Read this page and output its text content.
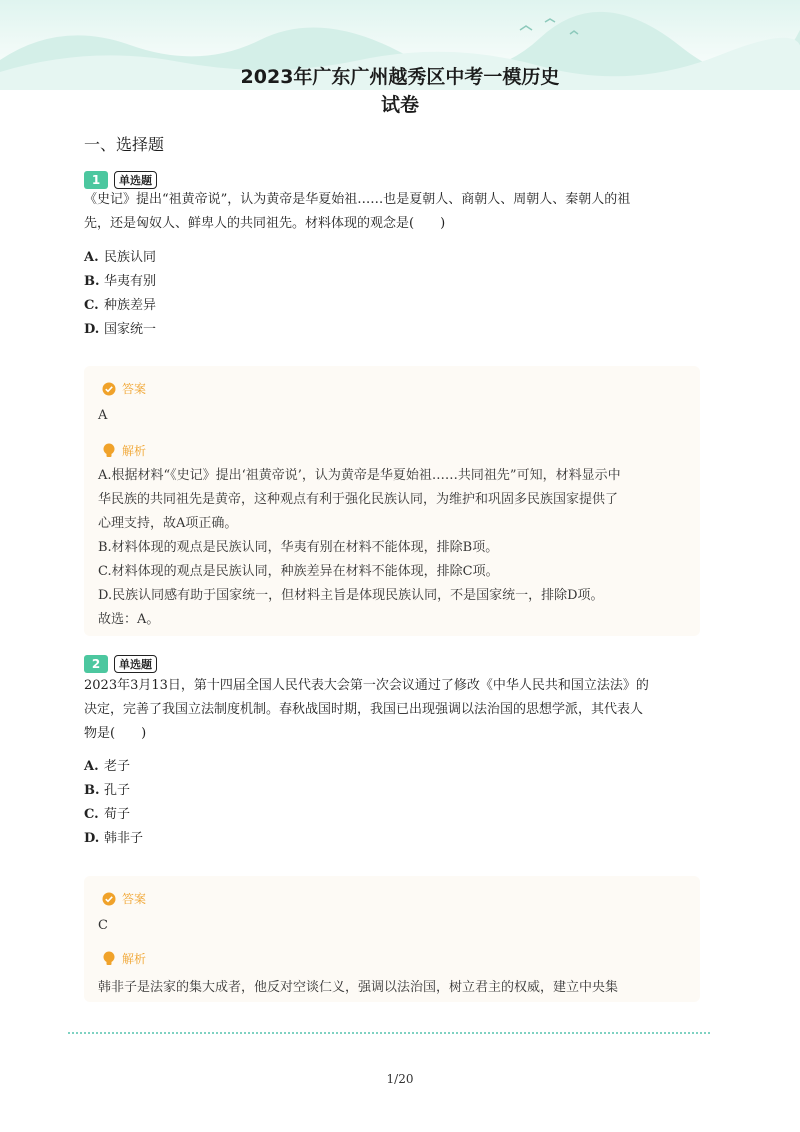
2023年广东广州越秀区中考一模历史
试卷
一、选择题
1	单选题
《史记》提出“祖黄帝说”，认为黄帝是华夏始祖……也是夏朝人、商朝人、周朝人、秦朝人的祖
先，还是匈奴人、鲜卑人的共同祖先。材料体现的观念是(　　)
A. 民族认同
B. 华夷有别
C. 种族差异
D. 国家统一
答案
A
解析
A.根据材料“《史记》提出‘祖黄帝说’，认为黄帝是华夏始祖……共同祖先”可知，材料显示中
华民族的共同祖先是黄帝，这种观点有利于强化民族认同，为维护和巩固多民族国家提供了
心理支持，故A项正确。
B.材料体现的观点是民族认同，华夷有别在材料不能体现，排除B项。
C.材料体现的观点是民族认同，种族差异在材料不能体现，排除C项。
D.民族认同感有助于国家统一，但材料主旨是体现民族认同，不是国家统一，排除D项。
故选：A。
2	单选题
2023年3月13日，第十四届全国人民代表大会第一次会议通过了修改《中华人民共和国立法法》的
决定，完善了我国立法制度机制。春秋战国时期，我国已出现强调以法治国的思想学派，其代表人
物是(　　)
A. 老子
B. 孔子
C. 荀子
D. 韩非子
答案
C
解析
韩非子是法家的集大成者，他反对空谈仁义，强调以法治国，树立君主的权威，建立中央集
1/20
